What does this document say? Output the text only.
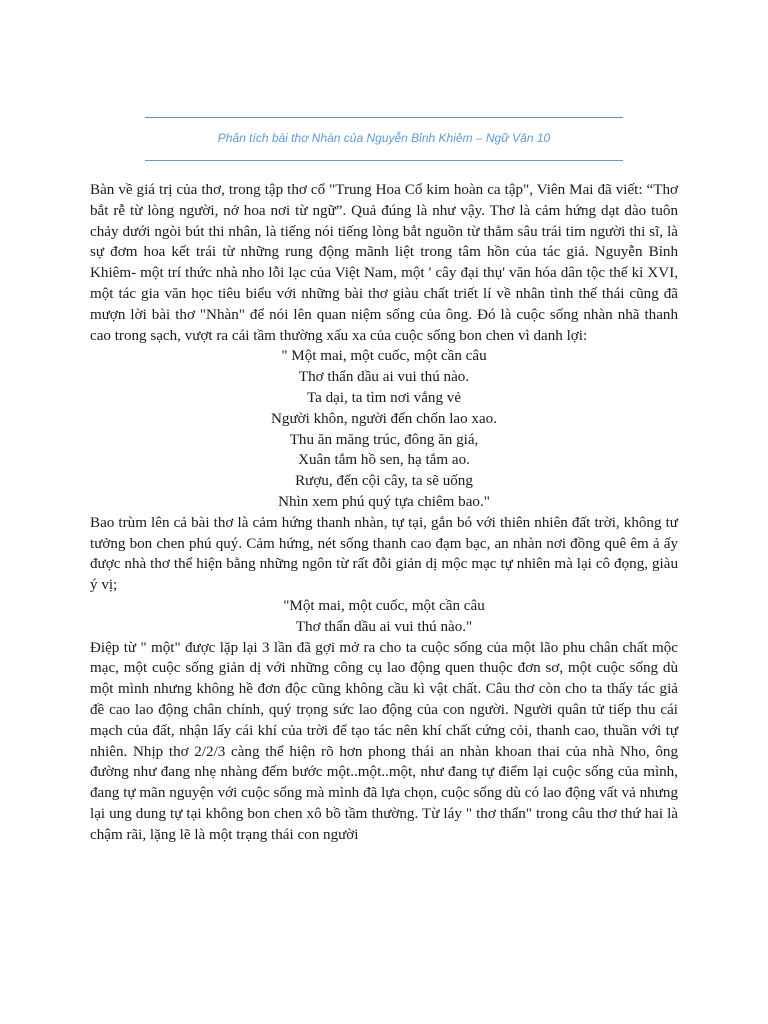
Phân tích bài thơ Nhàn của Nguyễn Bỉnh Khiêm – Ngữ Văn 10

Bàn về giá trị của thơ, trong tập thơ cổ "Trung Hoa Cổ kim hoàn ca tập", Viên Mai đã viết: “Thơ bắt rễ từ lòng người, nở hoa nơi từ ngữ”. Quả đúng là như vậy. Thơ là cảm hứng dạt dào tuôn chảy dưới ngòi bút thi nhân, là tiếng nói tiếng lòng bắt nguồn từ thẳm sâu trái tim người thi sĩ, là sự đơm hoa kết trái từ những rung động mãnh liệt trong tâm hồn của tác giả. Nguyễn Bỉnh Khiêm- một trí thức nhà nho lỗi lạc của Việt Nam, một ' cây đại thụ' văn hóa dân tộc thế kỉ XVI, một tác gia văn học tiêu biểu với những bài thơ giàu chất triết lí về nhân tình thế thái cũng đã mượn lời bài thơ "Nhàn" để nói lên quan niệm sống của ông. Đó là cuộc sống nhàn nhã thanh cao trong sạch, vượt ra cái tầm thường xấu xa của cuộc sống bon chen vì danh lợi:

" Một mai, một cuốc, một cần câu
Thơ thẩn dầu ai vui thú nào.
Ta dại, ta tìm nơi vắng vẻ
Người khôn, người đến chốn lao xao.
Thu ăn măng trúc, đông ăn giá,
Xuân tắm hồ sen, hạ tắm ao.
Rượu, đến cội cây, ta sẽ uống
Nhìn xem phú quý tựa chiêm bao."

Bao trùm lên cả bài thơ là cảm hứng thanh nhàn, tự tại, gắn bó với thiên nhiên đất trời, không tư tưởng bon chen phú quý. Cảm hứng, nét sống thanh cao đạm bạc, an nhàn nơi đồng quê êm ả ấy được nhà thơ thể hiện bằng những ngôn từ rất đỗi giản dị mộc mạc tự nhiên mà lại cô đọng, giàu ý vị;

"Một mai, một cuốc, một cần câu
Thơ thẩn dầu ai vui thú nào."

Điệp từ " một" được lặp lại 3 lần đã gợi mở ra cho ta cuộc sống của một lão phu chân chất mộc mạc, một cuộc sống giản dị với những công cụ lao động quen thuộc đơn sơ, một cuộc sống dù một mình nhưng không hề đơn độc cũng không cầu kì vật chất. Câu thơ còn cho ta thấy tác giả đề cao lao động chân chính, quý trọng sức lao động của con người. Người quân tử tiếp thu cái mạch của đất, nhận lấy cái khí của trời để tạo tác nên khí chất cứng cỏi, thanh cao, thuần với tự nhiên. Nhịp thơ 2/2/3 càng thể hiện rõ hơn phong thái an nhàn khoan thai của nhà Nho, ông đường như đang nhẹ nhàng đếm bước một..một..một, như đang tự điểm lại cuộc sống của mình, đang tự mãn nguyện với cuộc sống mà mình đã lựa chọn, cuộc sống dù có lao động vất vả nhưng lại ung dung tự tại không bon chen xô bồ tầm thường. Từ láy " thơ thẩn" trong câu thơ thứ hai là chậm rãi, lặng lẽ là một trạng thái con người
